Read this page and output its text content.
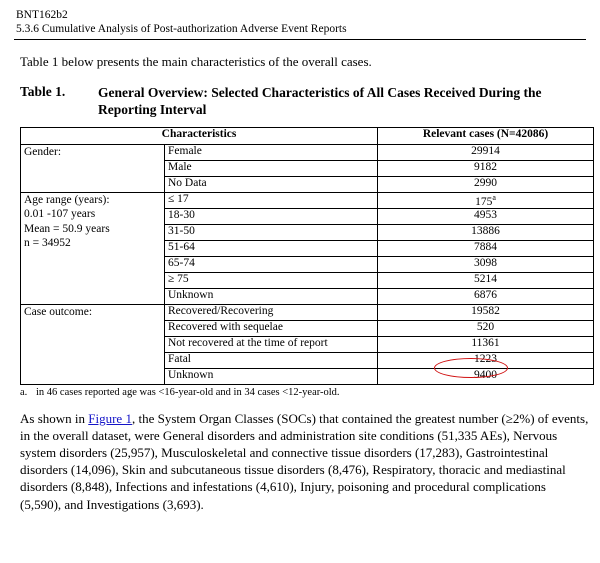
BNT162b2
5.3.6 Cumulative Analysis of Post-authorization Adverse Event Reports

Table 1 below presents the main characteristics of the overall cases.

Table 1.	General Overview: Selected Characteristics of All Cases Received During the Reporting Interval
Characteristics		Relevant cases (N=42086)

Gender:	Female	29914
	Male	9182
	No Data	2990

Age range (years):
0.01 -107 years
Mean = 50.9 years
n = 34952	≤ 17	175$^a$
	18-30	4953
	31-50	13886
	51-64	7884
	65-74	3098
	≥ 75	5214
	Unknown	6876

Case outcome:	Recovered/Recovering	19582
	Recovered with sequelae	520
	Not recovered at the time of report	11361
	Fatal	1223
	Unknown	9400
a. in 46 cases reported age was <16-year-old and in 34 cases <12-year-old.

As shown in Figure 1, the System Organ Classes (SOCs) that contained the greatest number (≥2%) of events, in the overall dataset, were General disorders and administration site conditions (51,335 AEs), Nervous system disorders (25,957), Musculoskeletal and connective tissue disorders (17,283), Gastrointestinal disorders (14,096), Skin and subcutaneous tissue disorders (8,476), Respiratory, thoracic and mediastinal disorders (8,848), Infections and infestations (4,610), Injury, poisoning and procedural complications (5,590), and Investigations (3,693).
